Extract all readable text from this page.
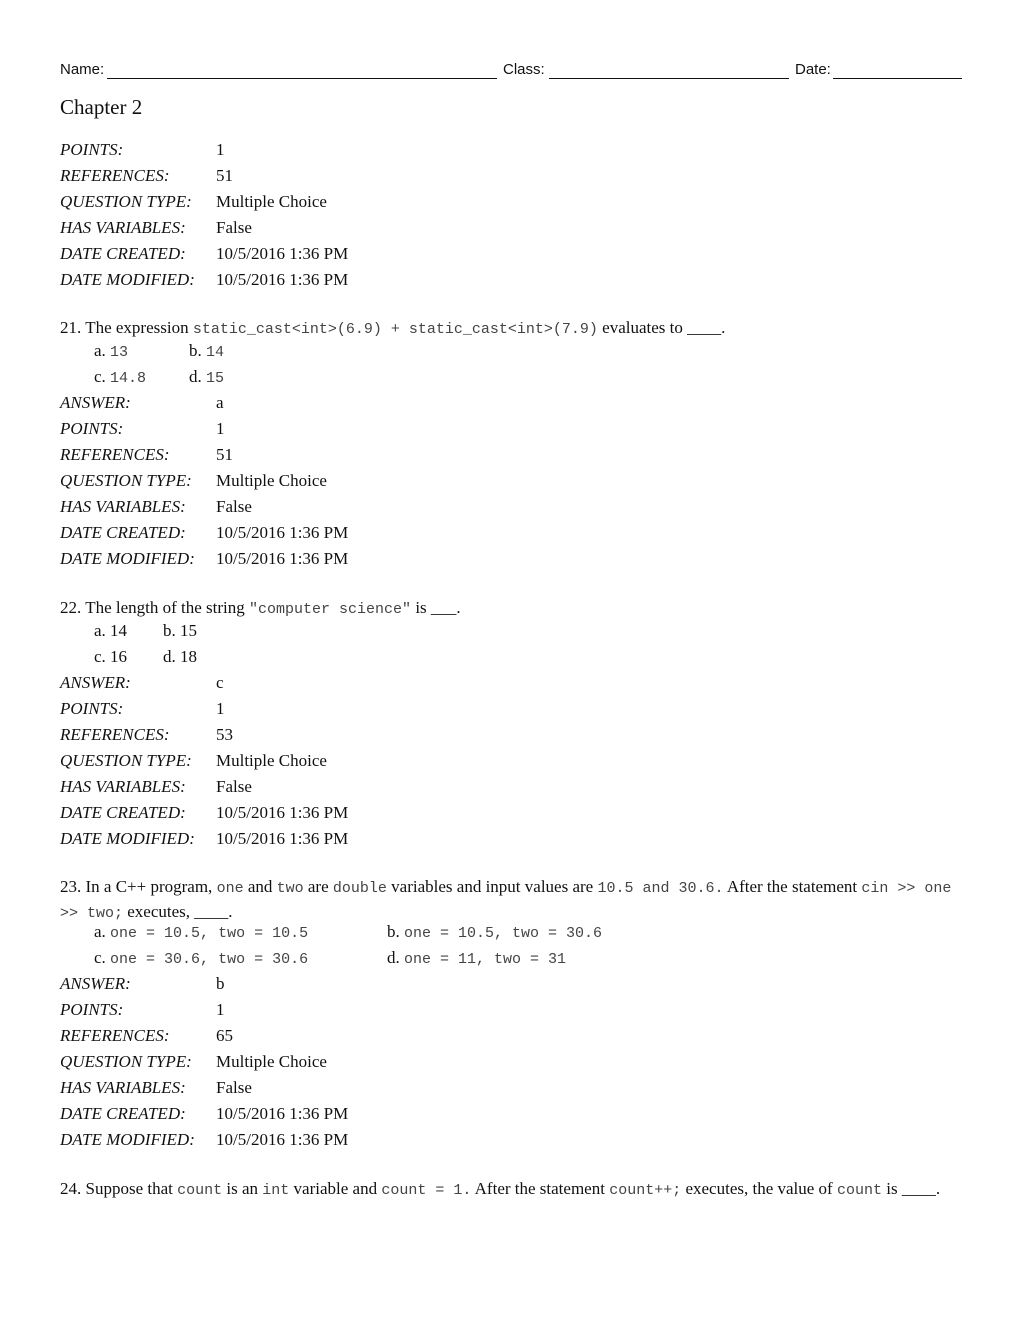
Name:	Class:	Date:
Chapter 2
POINTS:	1
REFERENCES:	51
QUESTION TYPE: Multiple Choice
HAS VARIABLES: False
DATE CREATED: 10/5/2016 1:36 PM
DATE MODIFIED: 10/5/2016 1:36 PM
21. The expression static_cast<int>(6.9) + static_cast<int>(7.9) evaluates to ____.
a. 13	b. 14
c. 14.8	d. 15
ANSWER:	a
POINTS:	1
REFERENCES:	51
QUESTION TYPE: Multiple Choice
HAS VARIABLES: False
DATE CREATED: 10/5/2016 1:36 PM
DATE MODIFIED: 10/5/2016 1:36 PM
22. The length of the string "computer science" is ___.
a. 14 b. 15
c. 16 d. 18
ANSWER:	c
POINTS:	1
REFERENCES:	53
QUESTION TYPE: Multiple Choice
HAS VARIABLES: False
DATE CREATED: 10/5/2016 1:36 PM
DATE MODIFIED: 10/5/2016 1:36 PM
23. In a C++ program, one and two are double variables and input values are 10.5 and 30.6. After the statement cin >> one >> two; executes, ____.
a. one = 10.5, two = 10.5	b. one = 10.5, two = 30.6
c. one = 30.6, two = 30.6	d. one = 11, two = 31
ANSWER:	b
POINTS:	1
REFERENCES:	65
QUESTION TYPE: Multiple Choice
HAS VARIABLES: False
DATE CREATED: 10/5/2016 1:36 PM
DATE MODIFIED: 10/5/2016 1:36 PM
24. Suppose that count is an int variable and count = 1. After the statement count++; executes, the value of count is ____.
